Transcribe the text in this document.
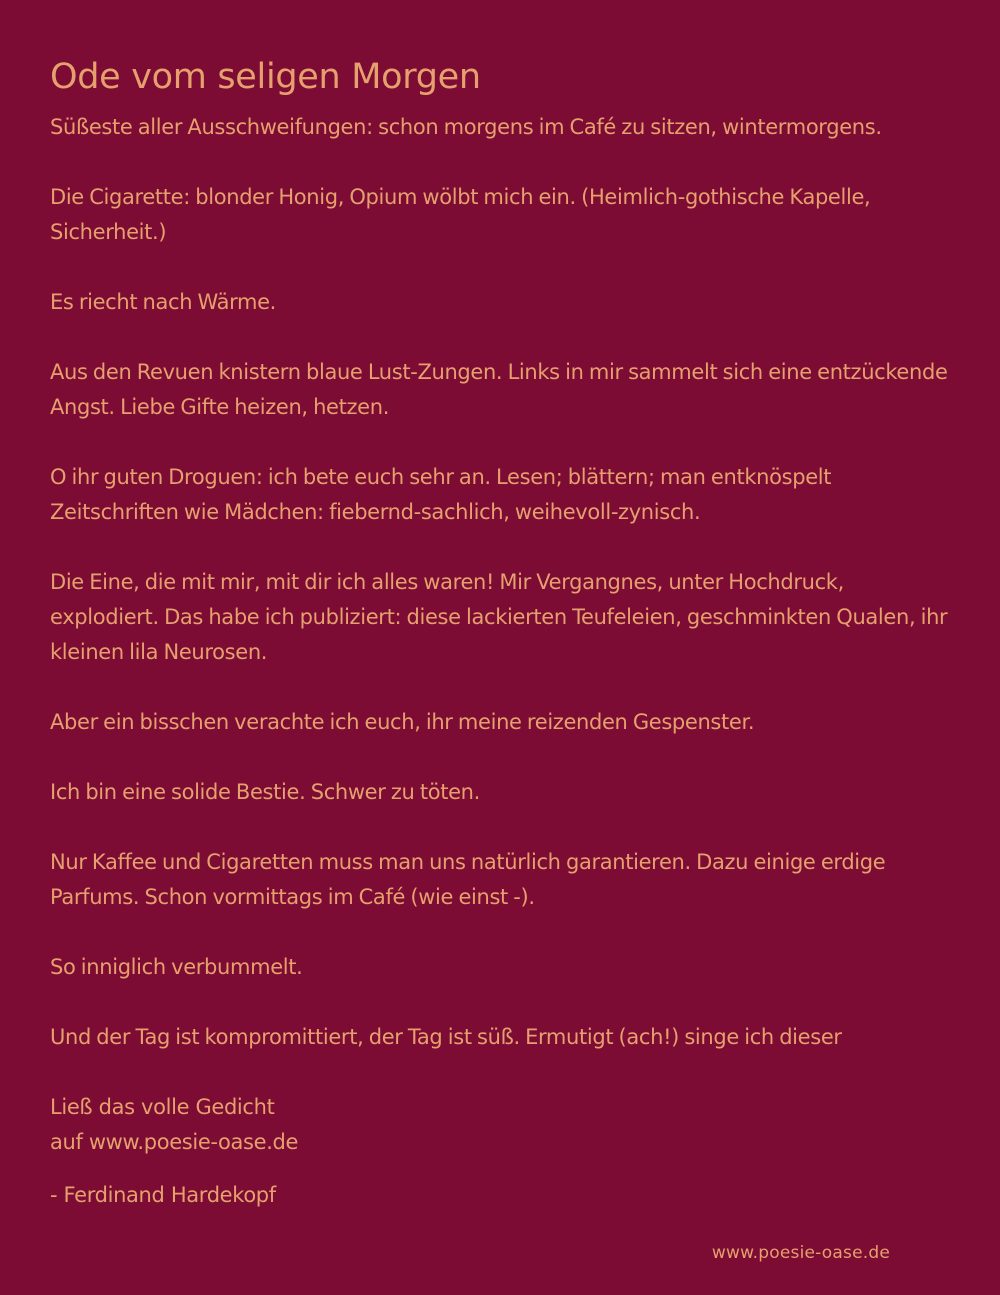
Ode vom seligen Morgen

Süßeste aller Ausschweifungen: schon morgens im Café zu sitzen, wintermorgens.

Die Cigarette: blonder Honig, Opium wölbt mich ein. (Heimlich-gothische Kapelle, Sicherheit.)

Es riecht nach Wärme.

Aus den Revuen knistern blaue Lust-Zungen. Links in mir sammelt sich eine entzückende Angst. Liebe Gifte heizen, hetzen.

O ihr guten Droguen: ich bete euch sehr an. Lesen; blättern; man entknöspelt Zeitschriften wie Mädchen: fiebernd-sachlich, weihevoll-zynisch.

Die Eine, die mit mir, mit dir ich alles waren! Mir Vergangnes, unter Hochdruck, explodiert. Das habe ich publiziert: diese lackierten Teufeleien, geschminkten Qualen, ihr kleinen lila Neurosen.

Aber ein bisschen verachte ich euch, ihr meine reizenden Gespenster.

Ich bin eine solide Bestie. Schwer zu töten.

Nur Kaffee und Cigaretten muss man uns natürlich garantieren. Dazu einige erdige Parfums. Schon vormittags im Café (wie einst -).

So inniglich verbummelt.

Und der Tag ist kompromittiert, der Tag ist süß. Ermutigt (ach!) singe ich dieser

Ließ das volle Gedicht
auf www.poesie-oase.de

- Ferdinand Hardekopf

www.poesie-oase.de
